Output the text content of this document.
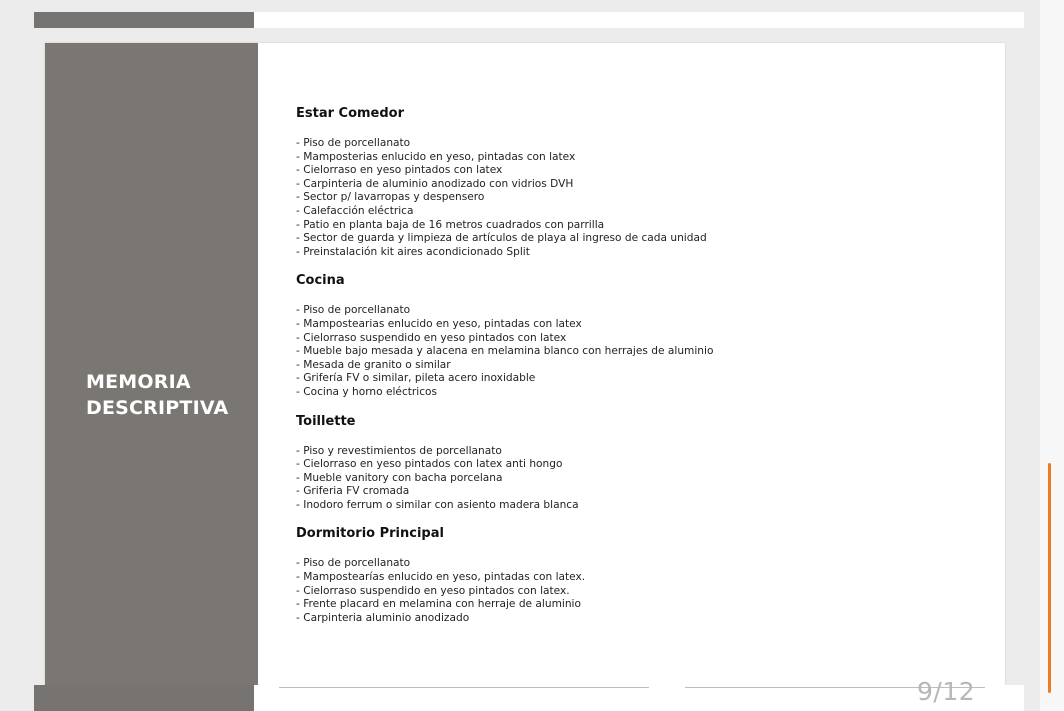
MEMORIA
DESCRIPTIVA
Estar Comedor
- Piso de porcellanato
- Mamposterias enlucido en yeso, pintadas con latex
- Cielorraso en yeso pintados con latex
- Carpinteria de aluminio anodizado con vidrios DVH
- Sector p/ lavarropas y despensero
- Calefacción eléctrica
- Patio en planta baja de 16 metros cuadrados con parrilla
- Sector de guarda y limpieza de artículos de playa al ingreso de cada unidad
- Preinstalación kit aires acondicionado Split
Cocina
- Piso de porcellanato
- Mampostearias enlucido en yeso, pintadas con latex
- Cielorraso suspendido en yeso pintados con latex
- Mueble bajo mesada y alacena en melamina blanco con herrajes de aluminio
- Mesada de granito o similar
- Grifería FV o similar, pileta acero inoxidable
- Cocina y horno eléctricos
Toillette
- Piso y revestimientos de porcellanato
- Cielorraso en yeso pintados con latex anti hongo
- Mueble vanitory con bacha porcelana
- Griferia FV cromada
- Inodoro ferrum o similar con asiento madera blanca
Dormitorio Principal
- Piso de porcellanato
- Mampostearías enlucido en yeso, pintadas con latex.
- Cielorraso suspendido en yeso pintados con latex.
- Frente placard en melamina con herraje de aluminio
- Carpinteria aluminio anodizado
9/12
